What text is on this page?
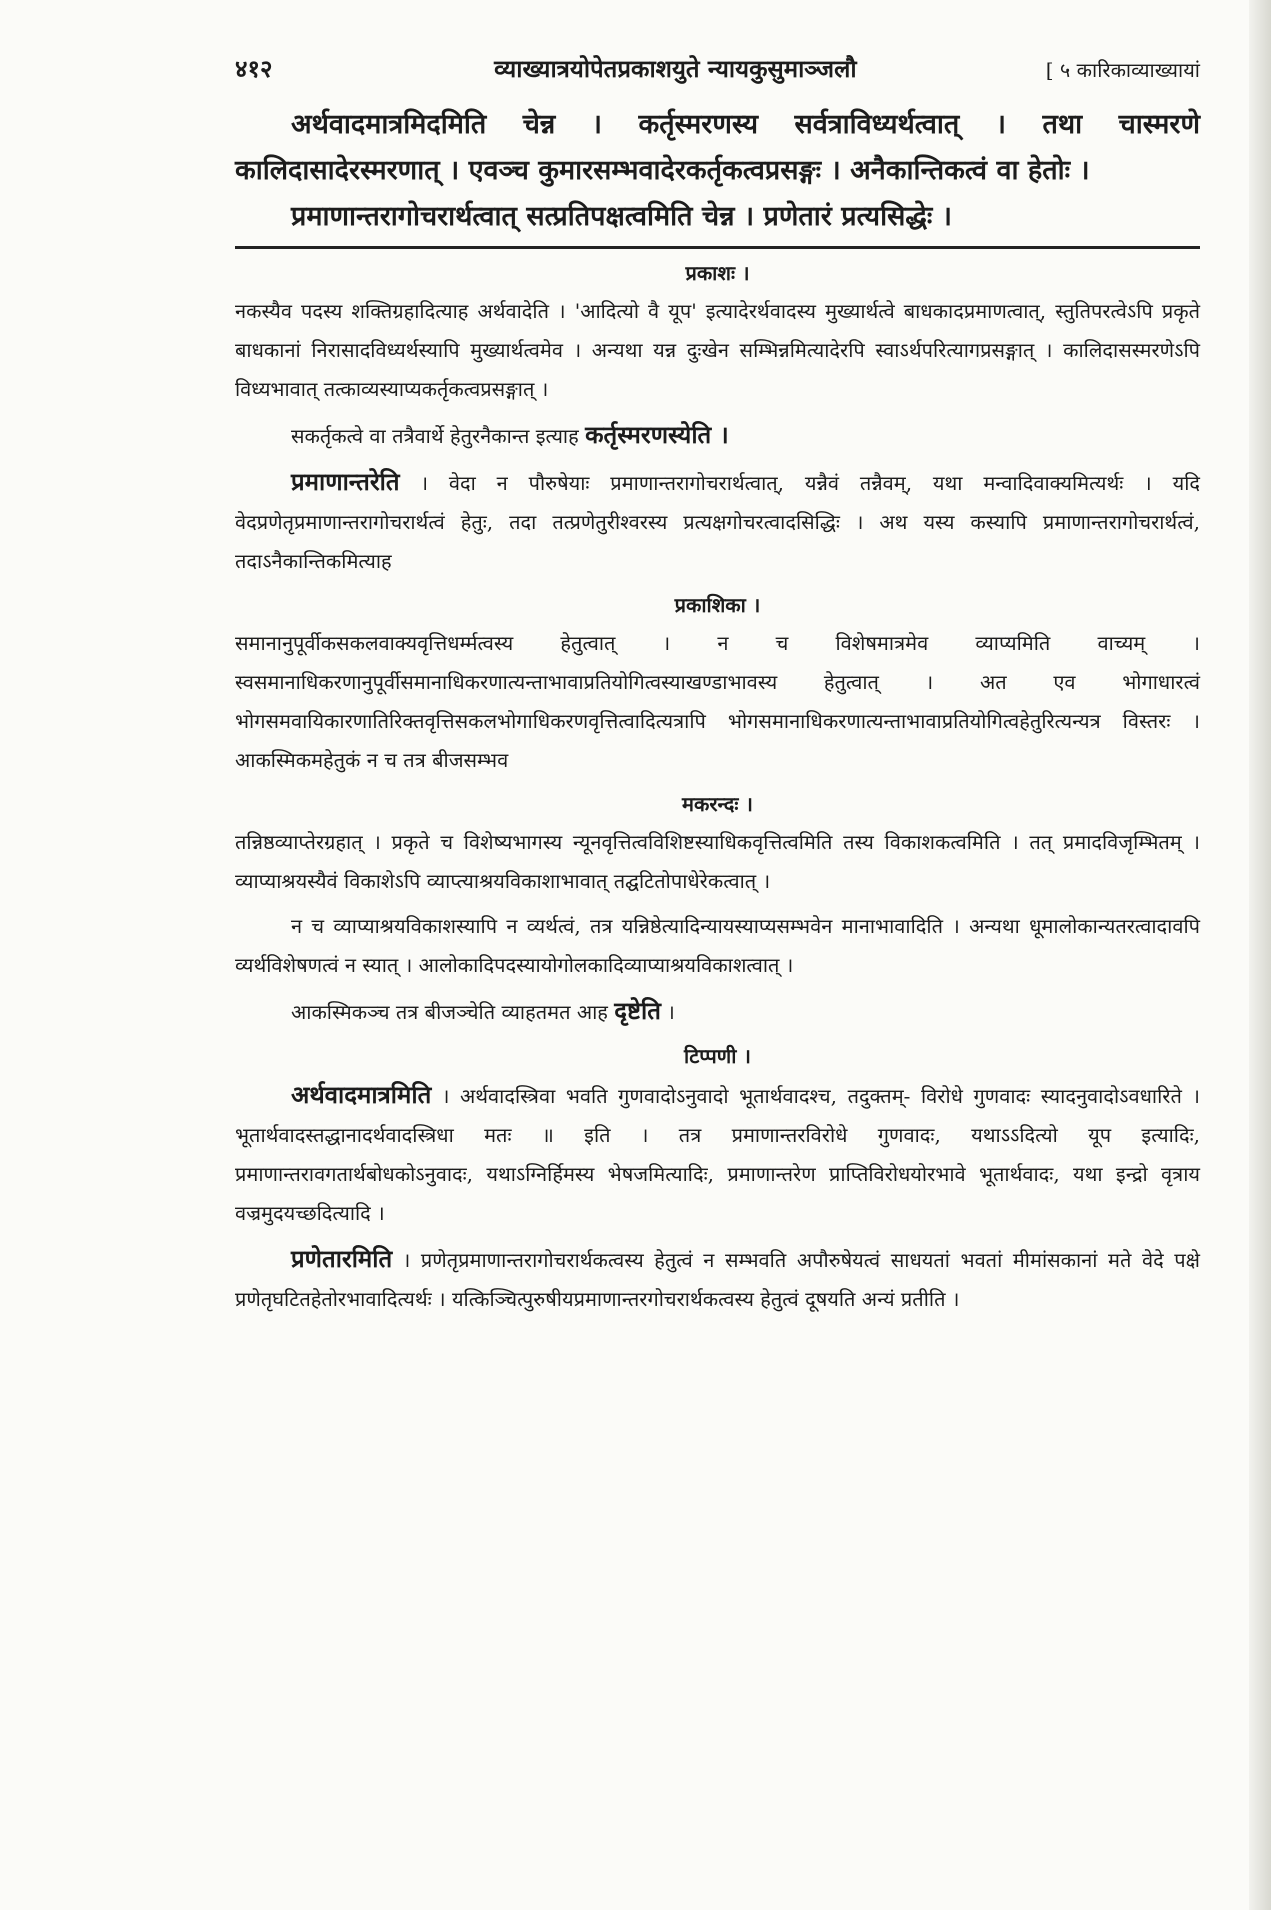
४१२	व्याख्यात्रयोपेतप्रकाशयुते न्यायकुसुमाञ्जलौ	[ ५ कारिकाव्याख्यायां

अर्थवादमात्रमिदमिति चेन्न । कर्तृस्मरणस्य सर्वत्राविध्यर्थत्वात् । तथा चास्मरणे कालिदासादेरस्मरणात् । एवञ्च कुमारसम्भवादेरकर्तृकत्वप्रसङ्गः । अनैकान्तिकत्वं वा हेतोः ।

प्रमाणान्तरागोचरार्थत्वात् सत्प्रतिपक्षत्वमिति चेन्न । प्रणेतारं प्रत्यसिद्धेः ।

प्रकाशः ।

नकस्यैव पदस्य शक्तिग्रहादित्याह अर्थवादेति । 'आदित्यो वै यूप' इत्यादेरर्थवादस्य मुख्यार्थत्वे बाधकादप्रमाणत्वात्, स्तुतिपरत्वेऽपि प्रकृते बाधकानां निरासादविध्यर्थस्यापि मुख्यार्थत्वमेव । अन्यथा यन्न दुःखेन सम्भिन्नमित्यादेरपि स्वाऽर्थपरित्यागप्रसङ्गात् । कालिदासस्मरणेऽपि विध्यभावात् तत्काव्यस्याप्यकर्तृकत्वप्रसङ्गात् ।

सकर्तृकत्वे वा तत्रैवार्थे हेतुरनैकान्त इत्याह कर्तृस्मरणस्येति ।

प्रमाणान्तरेति । वेदा न पौरुषेयाः प्रमाणान्तरागोचरार्थत्वात्, यन्नैवं तन्नैवम्, यथा मन्वादिवाक्यमित्यर्थः । यदि वेदप्रणेतृप्रमाणान्तरागोचरार्थत्वं हेतुः, तदा तत्प्रणेतुरीश्वरस्य प्रत्यक्षगोचरत्वादसिद्धिः । अथ यस्य कस्यापि प्रमाणान्तरागोचरार्थत्वं, तदाऽनैकान्तिकमित्याह

प्रकाशिका ।

समानानुपूर्वीकसकलवाक्यवृत्तिधर्म्मत्वस्य हेतुत्वात् । न च विशेषमात्रमेव व्याप्यमिति वाच्यम् । स्वसमानाधिकरणानुपूर्वीसमानाधिकरणात्यन्ताभावाप्रतियोगित्वस्याखण्डाभावस्य हेतुत्वात् । अत एव भोगाधारत्वं भोगसमवायिकारणातिरिक्तवृत्तिसकलभोगाधिकरणवृत्तित्वादित्यत्रापि भोगसमानाधिकरणात्यन्ताभावाप्रतियोगित्वहेतुरित्यन्यत्र विस्तरः । आकस्मिकमहेतुकं न च तत्र बीजसम्भव

मकरन्दः ।

तन्निष्ठव्याप्तेरग्रहात् । प्रकृते च विशेष्यभागस्य न्यूनवृत्तित्वविशिष्टस्याधिकवृत्तित्वमिति तस्य विकाशकत्वमिति । तत् प्रमादविजृम्भितम् । व्याप्याश्रयस्यैवं विकाशेऽपि व्याप्त्याश्रयविकाशाभावात् तद्घटितोपाधेरेकत्वात् ।

न च व्याप्याश्रयविकाशस्यापि न व्यर्थत्वं, तत्र यन्निष्ठेत्यादिन्यायस्याप्यसम्भवेन मानाभावादिति । अन्यथा धूमालोकान्यतरत्वादावपि व्यर्थविशेषणत्वं न स्यात् । आलोकादिपदस्यायोगोलकादिव्याप्याश्रयविकाशत्वात् ।

आकस्मिकञ्च तत्र बीजञ्चेति व्याहतमत आह दृष्टेति ।

टिप्पणी ।

अर्थवादमात्रमिति । अर्थवादस्त्रिवा भवति गुणवादोऽनुवादो भूतार्थवादश्च, तदुक्तम्- विरोधे गुणवादः स्यादनुवादोऽवधारिते । भूतार्थवादस्तद्धानादर्थवादस्त्रिधा मतः ॥ इति । तत्र प्रमाणान्तरविरोधे गुणवादः, यथाऽऽदित्यो यूप इत्यादिः, प्रमाणान्तरावगतार्थबोधकोऽनुवादः, यथाऽग्निर्हिमस्य भेषजमित्यादिः, प्रमाणान्तरेण प्राप्तिविरोधयोरभावे भूतार्थवादः, यथा इन्द्रो वृत्राय वज्रमुदयच्छदित्यादि ।

प्रणेतारमिति । प्रणेतृप्रमाणान्तरागोचरार्थकत्वस्य हेतुत्वं न सम्भवति अपौरुषेयत्वं साधयतां भवतां मीमांसकानां मते वेदे पक्षे प्रणेतृघटितहेतोरभावादित्यर्थः । यत्किञ्चित्पुरुषीयप्रमाणान्तरगोचरार्थकत्वस्य हेतुत्वं दूषयति अन्यं प्रतीति ।
